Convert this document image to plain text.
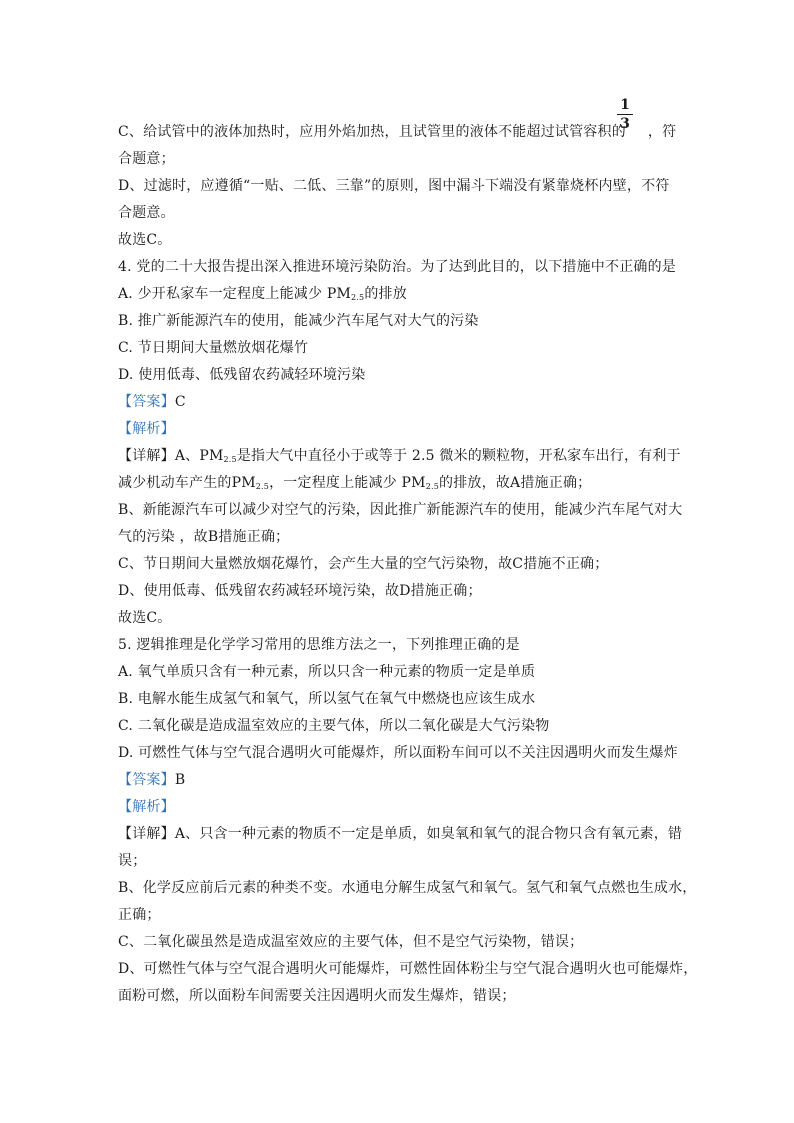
$\frac{1}{3}$
C、给试管中的液体加热时，应用外焰加热，且试管里的液体不能超过试管容积的 ，符
合题意；
D、过滤时，应遵循“一贴、二低、三靠”的原则，图中漏斗下端没有紧靠烧杯内壁，不符
合题意。
故选C。
4. 党的二十大报告提出深入推进环境污染防治。为了达到此目的，以下措施中不正确的是
A. 少开私家车一定程度上能减少 $PM_{2.5}$的排放
B. 推广新能源汽车的使用，能减少汽车尾气对大气的污染
C. 节日期间大量燃放烟花爆竹
D. 使用低毒、低残留农药减轻环境污染
【答案】C
【解析】
【详解】A、$PM_{2.5}$是指大气中直径小于或等于 2.5 微米的颗粒物，开私家车出行，有利于
减少机动车产生的$PM_{2.5}$，一定程度上能减少 $PM_{2.5}$的排放，故A措施正确；
B、新能源汽车可以减少对空气的污染，因此推广新能源汽车的使用，能减少汽车尾气对大
气的污染 ，故B措施正确；
C、节日期间大量燃放烟花爆竹，会产生大量的空气污染物，故C措施不正确；
D、使用低毒、低残留农药减轻环境污染，故D措施正确；
故选C。
5. 逻辑推理是化学学习常用的思维方法之一，下列推理正确的是
A. 氧气单质只含有一种元素，所以只含一种元素的物质一定是单质
B. 电解水能生成氢气和氧气，所以氢气在氧气中燃烧也应该生成水
C. 二氧化碳是造成温室效应的主要气体，所以二氧化碳是大气污染物
D. 可燃性气体与空气混合遇明火可能爆炸，所以面粉车间可以不关注因遇明火而发生爆炸
【答案】B
【解析】
【详解】A、只含一种元素的物质不一定是单质，如臭氧和氧气的混合物只含有氧元素，错
误；
B、化学反应前后元素的种类不变。水通电分解生成氢气和氧气。氢气和氧气点燃也生成水，
正确；
C、二氧化碳虽然是造成温室效应的主要气体，但不是空气污染物，错误；
D、可燃性气体与空气混合遇明火可能爆炸，可燃性固体粉尘与空气混合遇明火也可能爆炸，
面粉可燃，所以面粉车间需要关注因遇明火而发生爆炸，错误；
